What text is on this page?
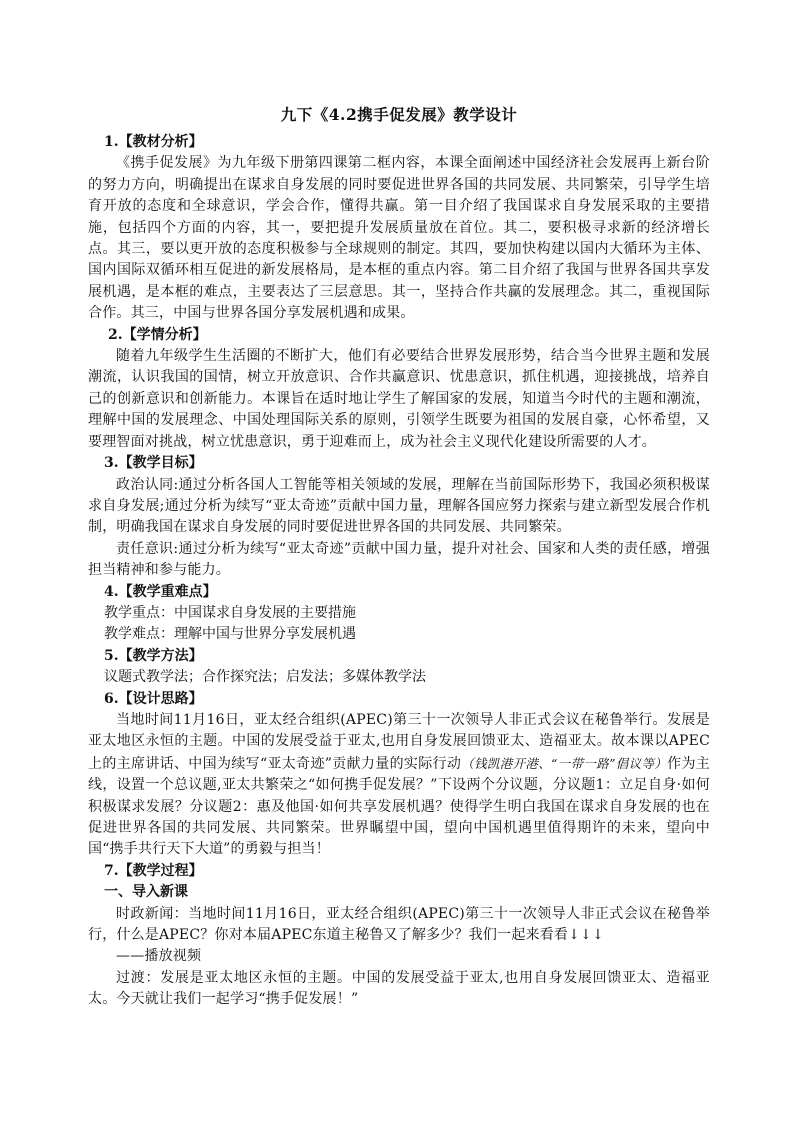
九下《4.2携手促发展》教学设计
1.【教材分析】

《携手促发展》为九年级下册第四课第二框内容，本课全面阐述中国经济社会发展再上新台阶的努力方向，明确提出在谋求自身发展的同时要促进世界各国的共同发展、共同繁荣，引导学生培育开放的态度和全球意识，学会合作，懂得共赢。第一目介绍了我国谋求自身发展采取的主要措施，包括四个方面的内容，其一，要把提升发展质量放在首位。其二，要积极寻求新的经济增长点。其三，要以更开放的态度积极参与全球规则的制定。其四，要加快构建以国内大循环为主体、国内国际双循环相互促进的新发展格局，是本框的重点内容。第二目介绍了我国与世界各国共享发展机遇，是本框的难点，主要表达了三层意思。其一，坚持合作共赢的发展理念。其二，重视国际合作。其三，中国与世界各国分享发展机遇和成果。

2.【学情分析】

随着九年级学生生活圈的不断扩大，他们有必要结合世界发展形势，结合当今世界主题和发展潮流，认识我国的国情，树立开放意识、合作共赢意识、忧患意识，抓住机遇，迎接挑战，培养自己的创新意识和创新能力。本课旨在适时地让学生了解国家的发展，知道当今时代的主题和潮流，理解中国的发展理念、中国处理国际关系的原则，引领学生既要为祖国的发展自豪，心怀希望，又要理智面对挑战，树立忧患意识，勇于迎难而上，成为社会主义现代化建设所需要的人才。

3.【教学目标】

政治认同:通过分析各国人工智能等相关领域的发展，理解在当前国际形势下，我国必须积极谋求自身发展;通过分析为续写“亚太奇迹”贡献中国力量，理解各国应努力探索与建立新型发展合作机制，明确我国在谋求自身发展的同时要促进世界各国的共同发展、共同繁荣。

责任意识:通过分析为续写“亚太奇迹”贡献中国力量，提升对社会、国家和人类的责任感，增强担当精神和参与能力。

4.【教学重难点】
教学重点：中国谋求自身发展的主要措施
教学难点：理解中国与世界分享发展机遇
5.【教学方法】
议题式教学法；合作探究法；启发法；多媒体教学法
6.【设计思路】

当地时间11月16日，亚太经合组织(APEC)第三十一次领导人非正式会议在秘鲁举行。发展是亚太地区永恒的主题。中国的发展受益于亚太,也用自身发展回馈亚太、造福亚太。故本课以APEC上的主席讲话、中国为续写“亚太奇迹”贡献力量的实际行动（钱凯港开港、“一带一路”倡议等）作为主线，设置一个总议题,亚太共繁荣之“如何携手促发展？”下设两个分议题，分议题1：立足自身·如何积极谋求发展？分议题2：惠及他国·如何共享发展机遇？使得学生明白我国在谋求自身发展的也在促进世界各国的共同发展、共同繁荣。世界瞩望中国，望向中国机遇里值得期许的未来，望向中国“携手共行天下大道”的勇毅与担当！

7.【教学过程】
一、导入新课

时政新闻：当地时间11月16日，亚太经合组织(APEC)第三十一次领导人非正式会议在秘鲁举行，什么是APEC？你对本届APEC东道主秘鲁又了解多少？我们一起来看看↓↓↓

——播放视频

过渡：发展是亚太地区永恒的主题。中国的发展受益于亚太,也用自身发展回馈亚太、造福亚太。今天就让我们一起学习“携手促发展！”
